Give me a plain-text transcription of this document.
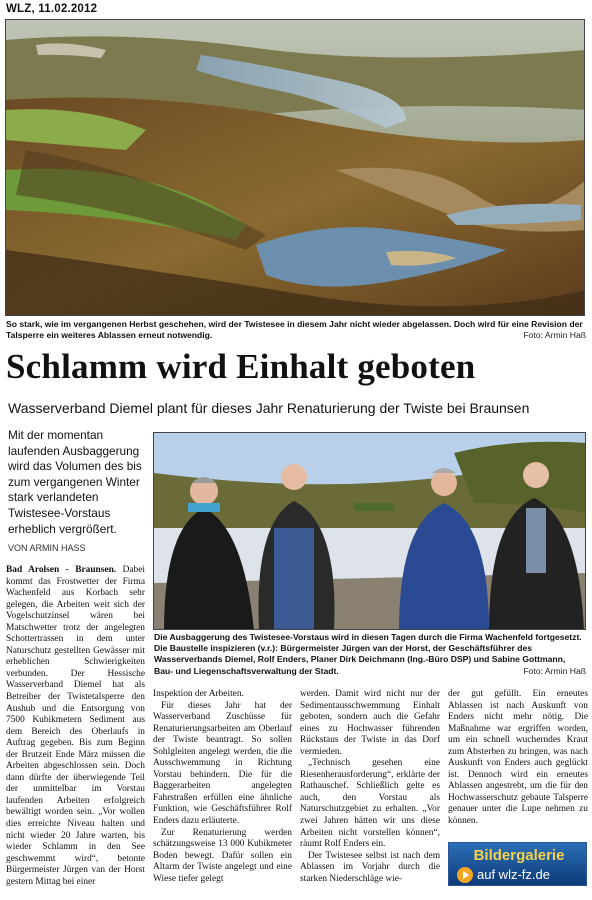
WLZ, 11.02.2012
So stark, wie im vergangenen Herbst geschehen, wird der Twistesee in diesem Jahr nicht wieder abgelassen. Doch wird für eine Revision der Talsperre ein weiteres Ablassen erneut notwendig.	Foto: Armin Haß
Schlamm wird Einhalt geboten
Wasserverband Diemel plant für dieses Jahr Renaturierung der Twiste bei Braunsen
Mit der momentan laufenden Ausbaggerung wird das Volumen des bis zum vergangenen Winter stark verlandeten Twistesee-Vorstaus erheblich vergrößert.
VON ARMIN HASS
Die Ausbaggerung des Twistesee-Vorstaus wird in diesen Tagen durch die Firma Wachenfeld fortgesetzt. Die Baustelle inspizieren (v.r.): Bürgermeister Jürgen van der Horst, der Geschäftsführer des Wasserverbands Diemel, Rolf Enders, Planer Dirk Deichmann (Ing.-Büro DSP) und Sabine Gottmann, Bau- und Liegenschaftsverwaltung der Stadt.	Foto: Armin Haß

Bad Arolsen - Braunsen. Dabei kommt das Frostwetter der Firma Wachenfeld aus Korbach sehr gelegen, die Arbeiten weit sich der Vogelschutzinsel wären bei Matschwetter trotz der angelegten Schottertrassen in dem unter Naturschutz gestellten Gewässer mit erheblichen Schwierigkeiten verbunden. Der Hessische Wasserverband Diemel hat als Betreiber der Twistetalsperre den Aushub und die Entsorgung von 7500 Kubikmetern Sediment aus dem Bereich des Oberlaufs in Auftrag gegeben. Bis zum Beginn der Brutzeit Ende März müssen die Arbeiten abgeschlossen sein. Doch dann dürfte der überwiegende Teil der unmittelbar im Vorstau laufenden Arbeiten erfolgreich bewältigt worden sein. „Vor wollen dies erreichte Niveau halten und nicht wieder 20 Jahre warten, bis wieder Schlamm in den See geschwemmt wird“, betonte Bürgermeister Jürgen van der Horst gestern Mittag bei einer

Inspektion der Arbeiten.

Für dieses Jahr hat der Wasserverband Zuschüsse für Renaturierungsarbeiten am Oberlauf der Twiste beantragt. So sollen Sohlgleiten angelegt werden, die die Ausschwemmung in Richtung Vorstau behindern. Die für die Baggerarbeiten angelegten Fahrstraßen erfüllen eine ähnliche Funktion, wie Geschäftsführer Rolf Enders dazu erläuterte.

Zur Renaturierung werden schätzungsweise 13 000 Kubikmeter Boden bewegt. Dafür sollen ein Altarm der Twiste angelegt und eine Wiese tiefer gelegt

werden. Damit wird nicht nur der Sedimentausschwemmung Einhalt geboten, sondern auch die Gefahr eines zu Hochwasser führenden Rückstaus der Twiste in das Dorf vermieden.

„Technisch gesehen eine Riesenherausforderung“, erklärte der Rathauschef. Schließlich gelte es auch, den Vorstau als Naturschutzgebiet zu erhalten. „Vor zwei Jahren hätten wir uns diese Arbeiten nicht vorstellen können“, räumt Rolf Enders ein.

Der Twistesee selbst ist nach dem Ablassen im Vorjahr durch die starken Niederschläge wie-

der gut gefüllt. Ein erneutes Ablassen ist nach Auskunft von Enders nicht mehr nötig. Die Maßnahme war ergriffen worden, um ein schnell wucherndes Kraut zum Absterben zu bringen, was nach Auskunft von Enders auch geglückt ist. Dennoch wird ein erneutes Ablassen angestrebt, um die für den Hochwasserschutz gebaute Talsperre genauer unter die Lupe nehmen zu können.

Bildergalerie
auf wlz-fz.de
